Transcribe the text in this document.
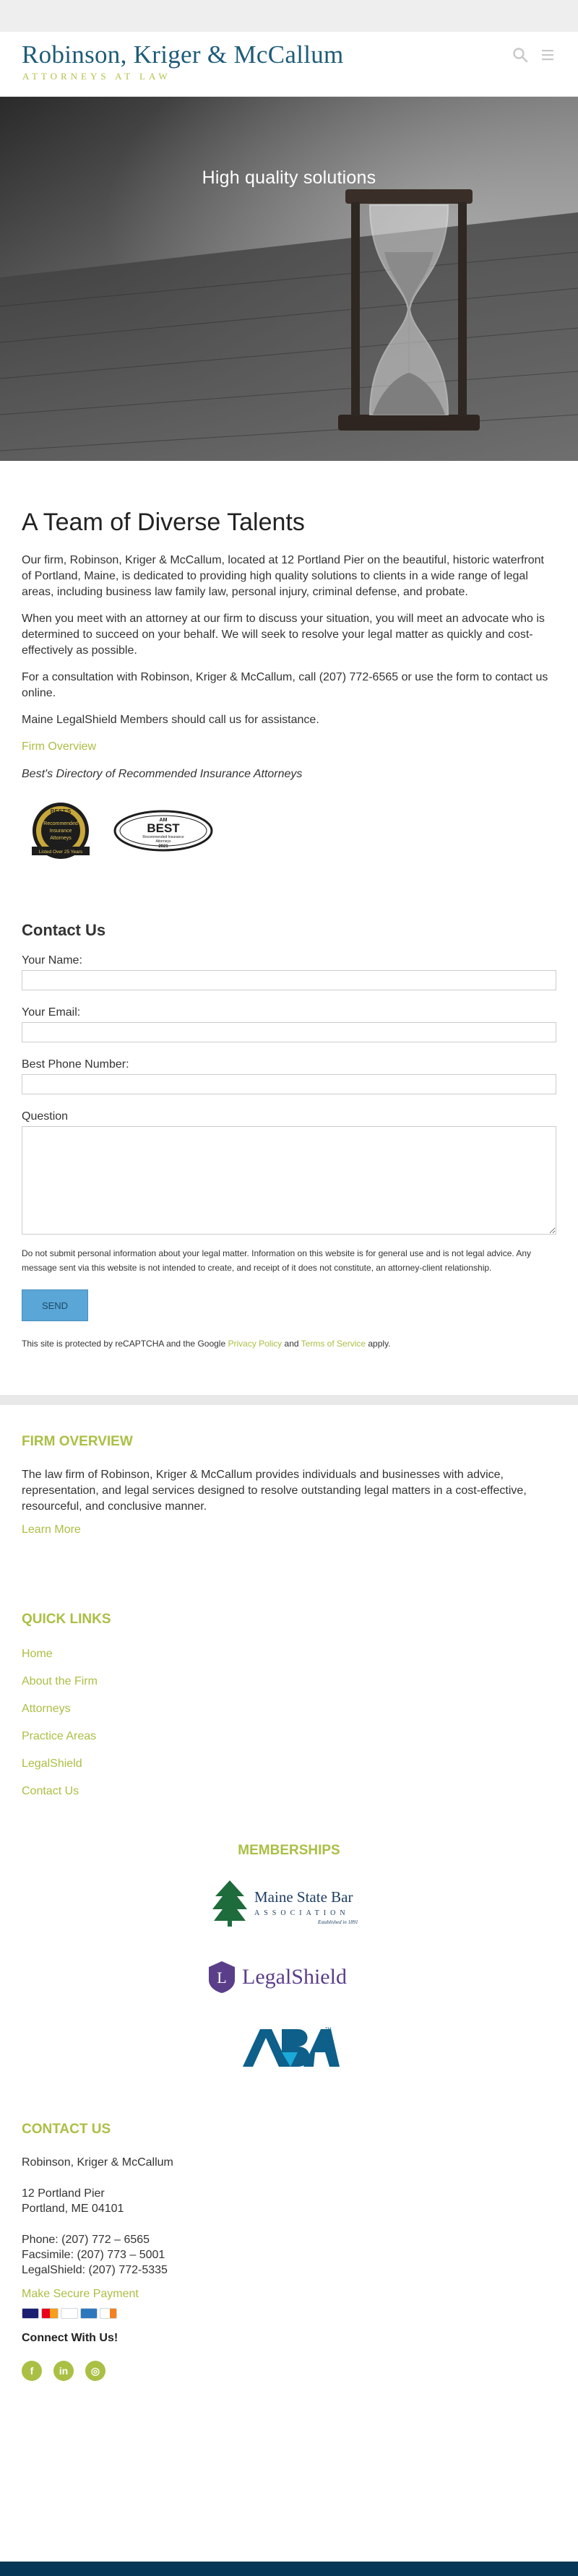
Robinson, Kriger & McCallum
ATTORNEYS AT LAW
High quality solutions
A Team of Diverse Talents

Our firm, Robinson, Kriger & McCallum, located at 12 Portland Pier on the beautiful, historic waterfront of Portland, Maine, is dedicated to providing high quality solutions to clients in a wide range of legal areas, including business law family law, personal injury, criminal defense, and probate.

When you meet with an attorney at our firm to discuss your situation, you will meet an advocate who is determined to succeed on your behalf. We will seek to resolve your legal matter as quickly and cost-effectively as possible.

For a consultation with Robinson, Kriger & McCallum, call (207) 772-6565 or use the form to contact us online.

Maine LegalShield Members should call us for assistance.

Firm Overview

Best's Directory of Recommended Insurance Attorneys

BEST'S
Recommended
Insurance
Attorneys
Listed Over 25 Years
AM
BEST
Recommended Insurance
Attorneys
2021
Contact Us
Your Name:
Your Email:
Best Phone Number:
Question

Do not submit personal information about your legal matter. Information on this website is for general use and is not legal advice. Any message sent via this website is not intended to create, and receipt of it does not constitute, an attorney-client relationship.

SEND

This site is protected by reCAPTCHA and the Google Privacy Policy and Terms of Service apply.

FIRM OVERVIEW

The law firm of Robinson, Kriger & McCallum provides individuals and businesses with advice, representation, and legal services designed to resolve outstanding legal matters in a cost-effective, resourceful, and conclusive manner.

Learn More
QUICK LINKS
Home
About the Firm
Attorneys
Practice Areas
LegalShield
Contact Us
MEMBERSHIPS
Maine State Bar
ASSOCIATION
Established in 1891
L LegalShield
TM
ABA
CONTACT US

Robinson, Kriger & McCallum

12 Portland Pier

Portland, ME 04101

Phone: (207) 772 – 6565

Facsimile: (207) 773 – 5001

LegalShield: (207) 772-5335

Make Secure Payment

Connect With Us!

f	in	◎
